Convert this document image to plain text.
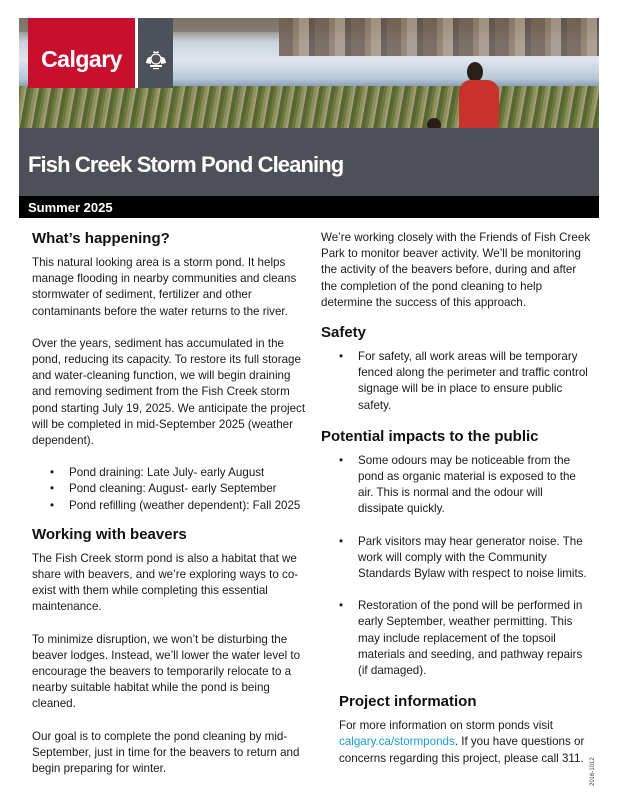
Calgary
Fish Creek Storm Pond Cleaning
Summer 2025
What’s happening?

This natural looking area is a storm pond. It helps manage flooding in nearby communities and cleans stormwater of sediment, fertilizer and other contaminants before the water returns to the river.

Over the years, sediment has accumulated in the pond, reducing its capacity. To restore its full storage and water-cleaning function, we will begin draining and removing sediment from the Fish Creek storm pond starting July 19, 2025. We anticipate the project will be completed in mid-September 2025 (weather dependent).

• Pond draining: Late July- early August
• Pond cleaning: August- early September
• Pond refilling (weather dependent): Fall 2025
Working with beavers

The Fish Creek storm pond is also a habitat that we share with beavers, and we’re exploring ways to co-exist with them while completing this essential maintenance.

To minimize disruption, we won’t be disturbing the beaver lodges. Instead, we’ll lower the water level to encourage the beavers to temporarily relocate to a nearby suitable habitat while the pond is being cleaned.

Our goal is to complete the pond cleaning by mid-September, just in time for the beavers to return and begin preparing for winter.

We’re working closely with the Friends of Fish Creek Park to monitor beaver activity. We’ll be monitoring the activity of the beavers before, during and after the completion of the pond cleaning to help determine the success of this approach.

Safety
• For safety, all work areas will be temporary fenced along the perimeter and traffic control signage will be in place to ensure public safety.
Potential impacts to the public
• Some odours may be noticeable from the pond as organic material is exposed to the air. This is normal and the odour will dissipate quickly.
• Park visitors may hear generator noise. The work will comply with the Community Standards Bylaw with respect to noise limits.
• Restoration of the pond will be performed in early September, weather permitting. This may include replacement of the topsoil materials and seeding, and pathway repairs (if damaged).
Project information

For more information on storm ponds visit calgary.ca/stormponds. If you have questions or concerns regarding this project, please call 311.	2016-1012
